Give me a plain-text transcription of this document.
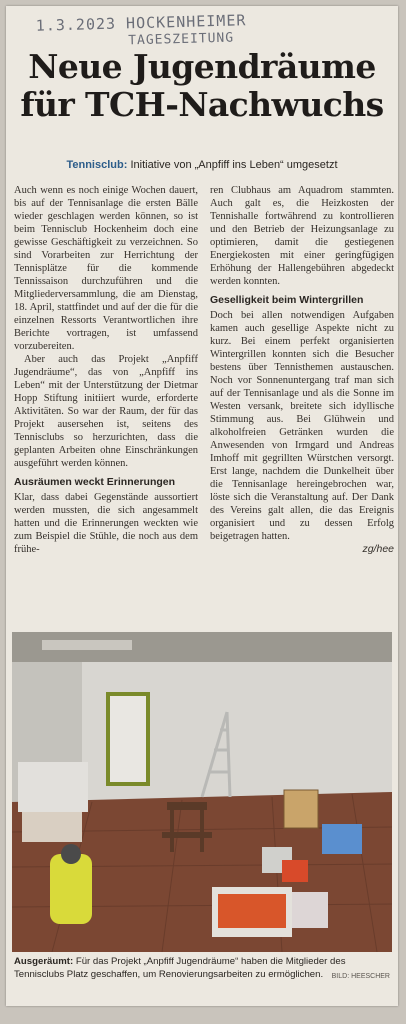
1.3.2023 HOCKENHEIMER
TAGESZEITUNG
Neue Jugendräume
für TCH-Nachwuchs
Tennisclub: Initiative von „Anpfiff ins Leben“ umgesetzt

Auch wenn es noch einige Wochen dauert, bis auf der Tennisanlage die ersten Bälle wieder geschlagen werden können, so ist beim Tennisclub Hockenheim doch eine gewisse Geschäftigkeit zu verzeichnen. So sind Vorarbeiten zur Herrichtung der Tennisplätze für die kommende Tennissaison durchzuführen und die Mitgliederversammlung, die am Dienstag, 18. April, stattfindet und auf der die für die einzelnen Ressorts Verantwortlichen ihre Berichte vortragen, ist umfassend vorzubereiten.

Aber auch das Projekt „Anpfiff Jugendräume“, das von „Anpfiff ins Leben“ mit der Unterstützung der Dietmar Hopp Stiftung initiiert wurde, erforderte Aktivitäten. So war der Raum, der für das Projekt ausersehen ist, seitens des Tennisclubs so herzurichten, dass die geplanten Arbeiten ohne Einschränkungen ausgeführt werden können.

Ausräumen weckt Erinnerungen

Klar, dass dabei Gegenstände aussortiert werden mussten, die sich angesammelt hatten und die Erinnerungen weckten wie zum Beispiel die Stühle, die noch aus dem frühe-

ren Clubhaus am Aquadrom stammten. Auch galt es, die Heizkosten der Tennishalle fortwährend zu kontrollieren und den Betrieb der Heizungsanlage zu optimieren, damit die gestiegenen Energiekosten mit einer geringfügigen Erhöhung der Hallengebühren abgedeckt werden konnten.

Geselligkeit beim Wintergrillen

Doch bei allen notwendigen Aufgaben kamen auch gesellige Aspekte nicht zu kurz. Bei einem perfekt organisierten Wintergrillen konnten sich die Besucher bestens über Tennisthemen austauschen. Noch vor Sonnenuntergang traf man sich auf der Tennisanlage und als die Sonne im Westen versank, breitete sich idyllische Stimmung aus. Bei Glühwein und alkoholfreien Getränken wurden die Anwesenden von Irmgard und Andreas Imhoff mit gegrillten Würstchen versorgt. Erst lange, nachdem die Dunkelheit über die Tennisanlage hereingebrochen war, löste sich die Veranstaltung auf. Der Dank des Vereins galt allen, die das Ereignis organisiert und zu dessen Erfolg beigetragen hatten.

zg/hee
Ausgeräumt: Für das Projekt „Anpfiff Jugendräume“ haben die Mitglieder des Tennisclubs Platz geschaffen, um Renovierungsarbeiten zu ermöglichen. BILD: HEESCHER
